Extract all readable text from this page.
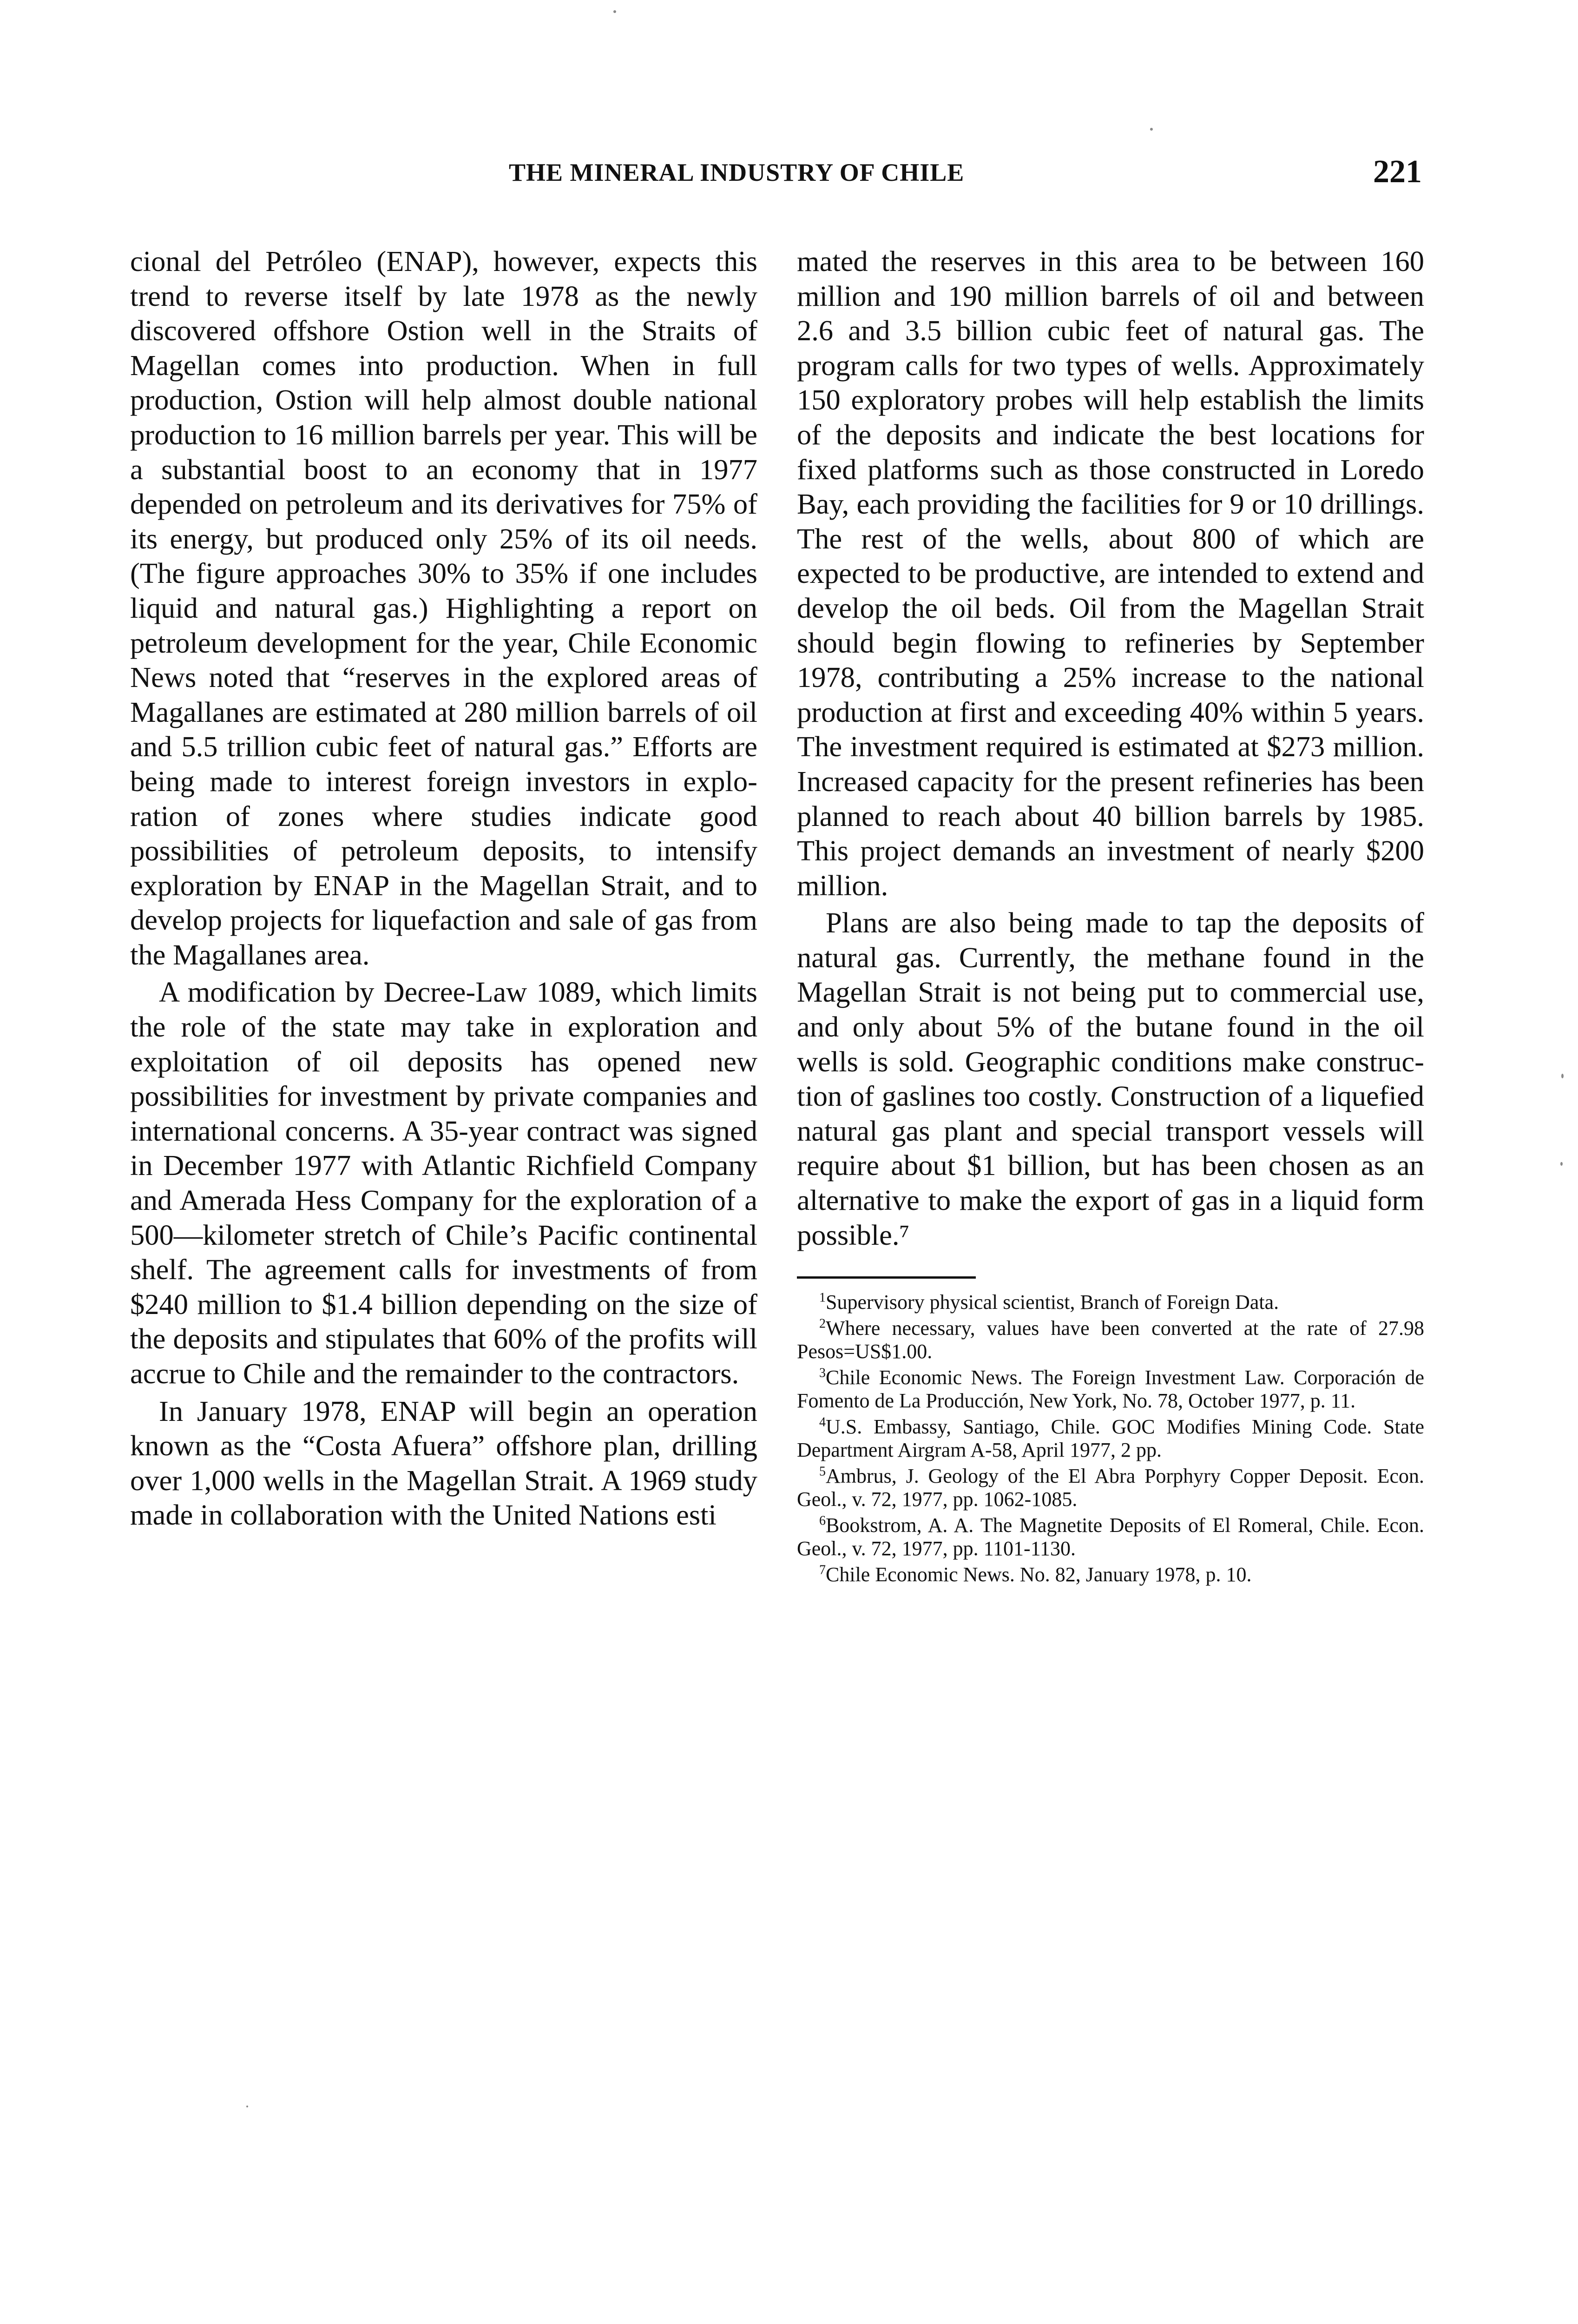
THE MINERAL INDUSTRY OF CHILE	221

cional del Petróleo (ENAP), however, expects this trend to reverse itself by late 1978 as the newly discovered offshore Ostion well in the Straits of Magellan comes into production. When in full production, Ostion will help almost double national production to 16 million barrels per year. This will be a substantial boost to an economy that in 1977 depended on petroleum and its derivatives for 75% of its energy, but produced only 25% of its oil needs. (The figure approaches 30% to 35% if one includes liquid and natural gas.) Highlighting a report on petroleum development for the year, Chile Economic News noted that “reserves in the explored areas of Magallanes are estimated at 280 million barrels of oil and 5.5 trillion cubic feet of natural gas.” Efforts are being made to interest foreign investors in exploration of zones where studies indicate good possibilities of petroleum deposits, to intensify exploration by ENAP in the Magellan Strait, and to develop projects for liquefaction and sale of gas from the Magallanes area.

A modification by Decree-Law 1089, which limits the role of the state may take in exploration and exploitation of oil deposits has opened new possibilities for investment by private companies and international concerns. A 35-year contract was signed in December 1977 with Atlantic Richfield Company and Amerada Hess Company for the exploration of a 500—kilometer stretch of Chile’s Pacific continental shelf. The agreement calls for investments of from $240 million to $1.4 billion depending on the size of the deposits and stipulates that 60% of the profits will accrue to Chile and the remainder to the contractors.

In January 1978, ENAP will begin an operation known as the “Costa Afuera” offshore plan, drilling over 1,000 wells in the Magellan Strait. A 1969 study made in collaboration with the United Nations esti

mated the reserves in this area to be between 160 million and 190 million barrels of oil and between 2.6 and 3.5 billion cubic feet of natural gas. The program calls for two types of wells. Approximately 150 exploratory probes will help establish the limits of the deposits and indicate the best locations for fixed platforms such as those constructed in Loredo Bay, each providing the facilities for 9 or 10 drillings. The rest of the wells, about 800 of which are expected to be productive, are intended to extend and develop the oil beds. Oil from the Magellan Strait should begin flowing to refineries by September 1978, contributing a 25% increase to the national production at first and exceeding 40% within 5 years. The investment required is estimated at $273 million. Increased capacity for the present refineries has been planned to reach about 40 billion barrels by 1985. This project demands an investment of nearly $200 million.

Plans are also being made to tap the deposits of natural gas. Currently, the methane found in the Magellan Strait is not being put to commercial use, and only about 5% of the butane found in the oil wells is sold. Geographic conditions make construction of gaslines too costly. Construction of a liquefied natural gas plant and special transport vessels will require about $1 billion, but has been chosen as an alternative to make the export of gas in a liquid form possible.⁷

$^1$Supervisory physical scientist, Branch of Foreign Data.

$^2$Where necessary, values have been converted at the rate of 27.98 Pesos=US$1.00.

$^3$Chile Economic News. The Foreign Investment Law. Corporación de Fomento de La Producción, New York, No. 78, October 1977, p. 11.

$^4$U.S. Embassy, Santiago, Chile. GOC Modifies Mining Code. State Department Airgram A-58, April 1977, 2 pp.

$^5$Ambrus, J. Geology of the El Abra Porphyry Copper Deposit. Econ. Geol., v. 72, 1977, pp. 1062-1085.

$^6$Bookstrom, A. A. The Magnetite Deposits of El Romeral, Chile. Econ. Geol., v. 72, 1977, pp. 1101-1130.

$^7$Chile Economic News. No. 82, January 1978, p. 10.
